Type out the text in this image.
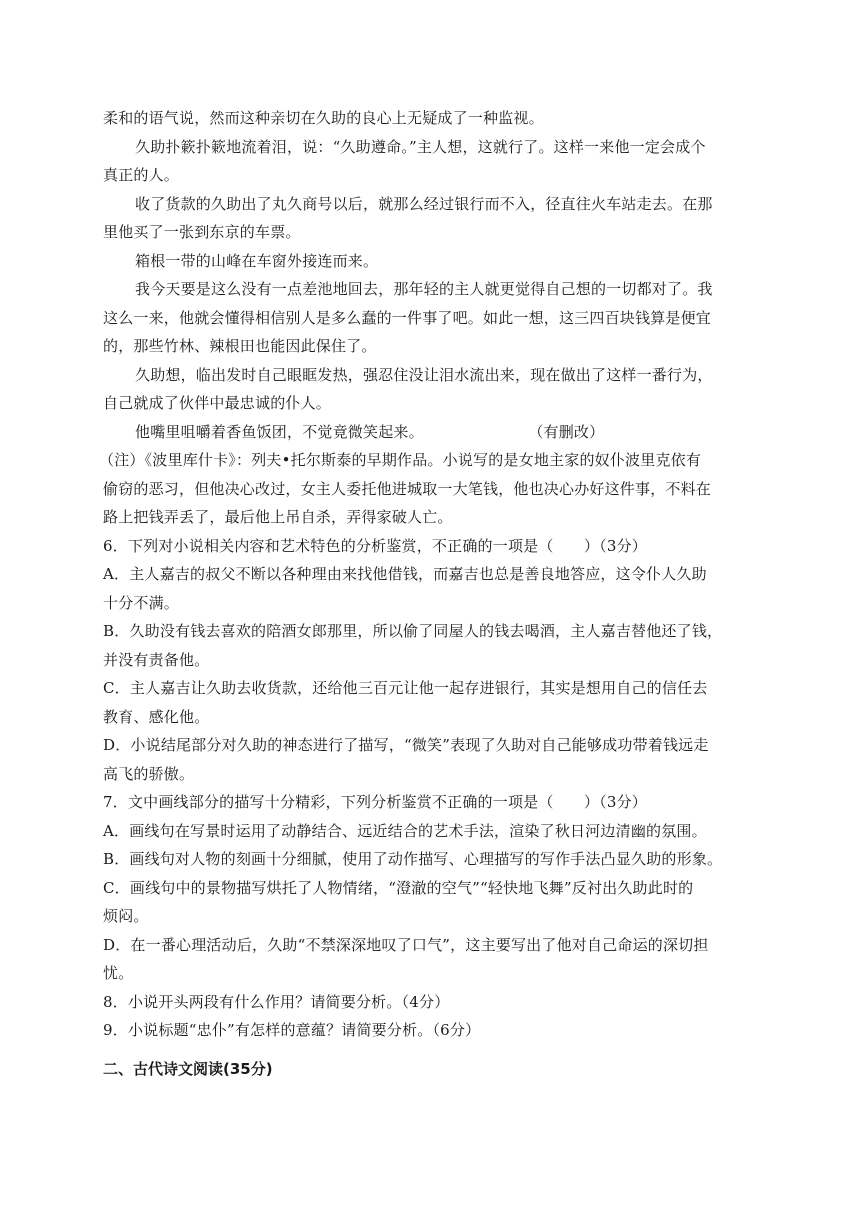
柔和的语气说，然而这种亲切在久助的良心上无疑成了一种监视。
久助扑簌扑簌地流着泪，说：“久助遵命。”主人想，这就行了。这样一来他一定会成个
真正的人。
收了货款的久助出了丸久商号以后，就那么经过银行而不入，径直往火车站走去。在那
里他买了一张到东京的车票。
箱根一带的山峰在车窗外接连而来。
我今天要是这么没有一点差池地回去，那年轻的主人就更觉得自己想的一切都对了。我
这么一来，他就会懂得相信别人是多么蠢的一件事了吧。如此一想，这三四百块钱算是便宜
的，那些竹林、辣根田也能因此保住了。
久助想，临出发时自己眼眶发热，强忍住没让泪水流出来，现在做出了这样一番行为，
自己就成了伙伴中最忠诚的仆人。
他嘴里咀嚼着香鱼饭团，不觉竟微笑起来。	（有删改）
（注）《波里库什卡》：列夫•托尔斯泰的早期作品。小说写的是女地主家的奴仆波里克依有
偷窃的恶习，但他决心改过，女主人委托他进城取一大笔钱，他也决心办好这件事，不料在
路上把钱弄丢了，最后他上吊自杀，弄得家破人亡。
6．下列对小说相关内容和艺术特色的分析鉴赏，不正确的一项是（　　）（3分）
A．主人嘉吉的叔父不断以各种理由来找他借钱，而嘉吉也总是善良地答应，这令仆人久助
十分不满。
B．久助没有钱去喜欢的陪酒女郎那里，所以偷了同屋人的钱去喝酒，主人嘉吉替他还了钱，
并没有责备他。
C．主人嘉吉让久助去收货款，还给他三百元让他一起存进银行，其实是想用自己的信任去
教育、感化他。
D．小说结尾部分对久助的神态进行了描写，“微笑”表现了久助对自己能够成功带着钱远走
高飞的骄傲。
7．文中画线部分的描写十分精彩，下列分析鉴赏不正确的一项是（　　）（3分）
A．画线句在写景时运用了动静结合、远近结合的艺术手法，渲染了秋日河边清幽的氛围。
B．画线句对人物的刻画十分细腻，使用了动作描写、心理描写的写作手法凸显久助的形象。
C．画线句中的景物描写烘托了人物情绪，“澄澈的空气”“轻快地飞舞”反衬出久助此时的
烦闷。
D．在一番心理活动后，久助“不禁深深地叹了口气”，这主要写出了他对自己命运的深切担
忧。
8．小说开头两段有什么作用？请简要分析。（4分）
9．小说标题“忠仆”有怎样的意蕴？请简要分析。（6分）
二、古代诗文阅读(35分)
